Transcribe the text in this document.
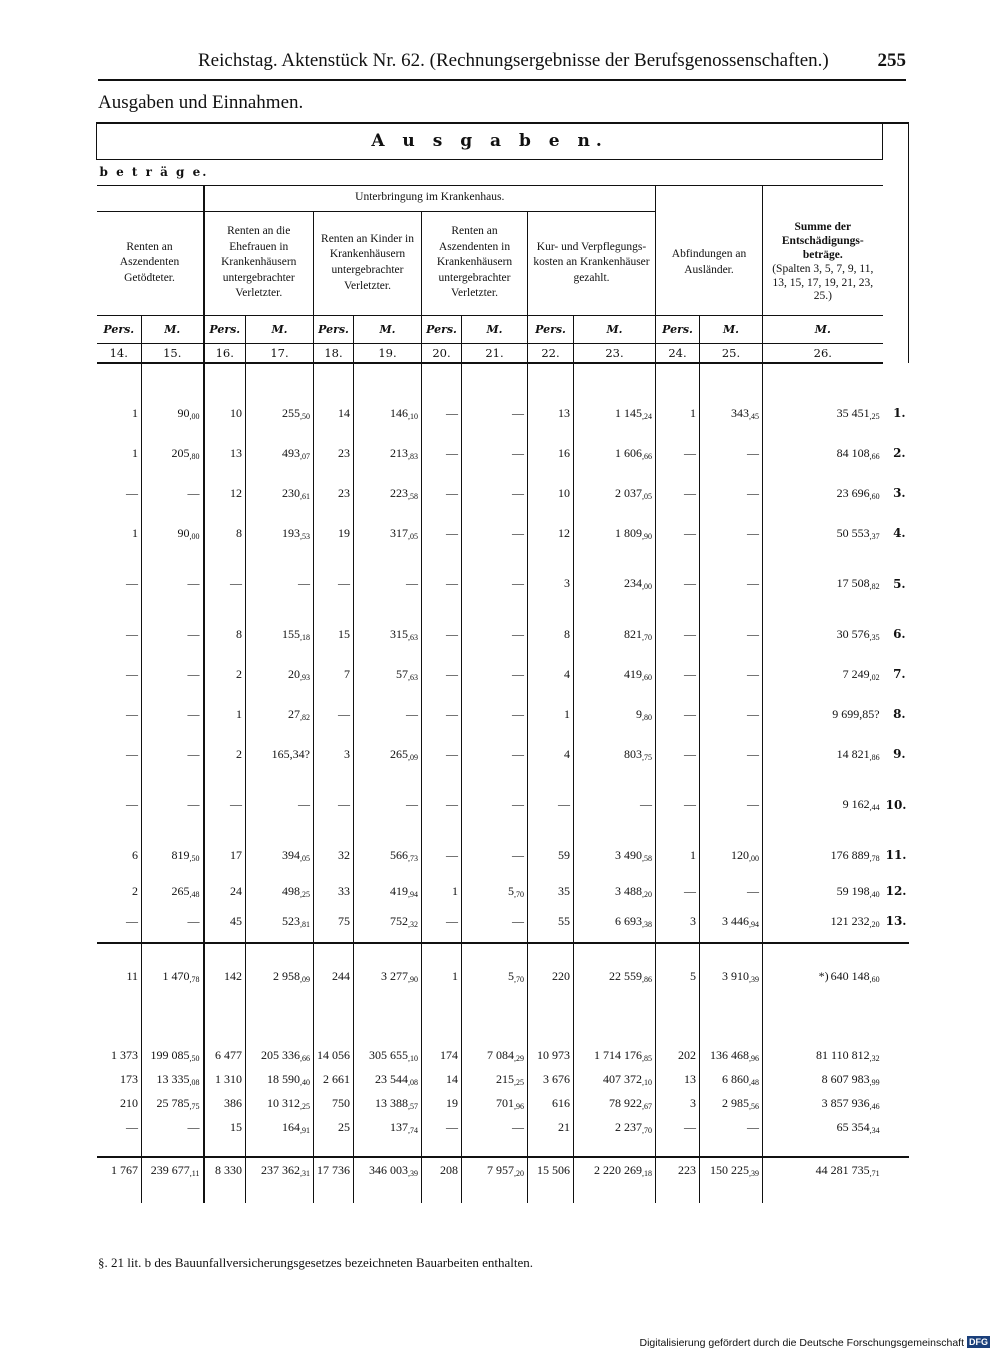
Reichstag. Aktenstück Nr. 62. (Rechnungsergebnisse der Berufsgenossenschaften.)	255
Ausgaben und Einnahmen.
A u s g a b e n.													
b e t r ä g e.													
		Unterbringung im Krankenhaus.											
Renten an Aszendenten Getödteter.		Renten an die Ehefrauen in Krankenhäusern untergebrachter Verletzter.		Renten an Kinder in Krankenhäusern untergebrachter Verletzter.		Renten an Aszendenten in Krankenhäusern untergebrachter Verletzter.		Kur- und Verpflegungs-kosten an Krankenhäuser gezahlt.		Abfindungen an Ausländer.		Summe der Entschädigungs-beträge.
(Spalten 3, 5, 7, 9, 11, 13, 15, 17, 19, 21, 23, 25.)	

Pers.	M.	Pers.	M.	Pers.	M.	Pers.	M.	Pers.	M.	Pers.	M.	M.	
14.	15.	16.	17.	18.	19.	20.	21.	22.	23.	24.	25.	26.	

1	$90_{,00}$	10	$255_{,50}$	14	$146_{,10}$	—	—	13	1 $145_{,24}$	1	$343_{,45}$	35 $451_{,25}$	1.
1	$205_{,80}$	13	$493_{,07}$	23	$213_{,83}$	—	—	16	1 $606_{,66}$	—	—	84 $108_{,66}$	2.
—	—	12	$230_{,61}$	23	$223_{,58}$	—	—	10	2 $037_{,05}$	—	—	23 $696_{,60}$	3.
1	$90_{,00}$	8	$193_{,53}$	19	$317_{,05}$	—	—	12	1 $809_{,90}$	—	—	50 $553_{,37}$	4.
—	—	—	—	—	—	—	—	3	$234_{,00}$	—	—	17 $508_{,82}$	5.
—	—	8	$155_{,18}$	15	$315_{,63}$	—	—	8	$821_{,70}$	—	—	30 $576_{,35}$	6.
—	—	2	$20_{,93}$	7	$57_{,63}$	—	—	4	$419_{,60}$	—	—	7 $249_{,02}$	7.
—	—	1	$27_{,82}$	—	—	—	—	1	$9_{,80}$	—	—	9 699,85?	8.
—	—	2	165,34?	3	$265_{,09}$	—	—	4	$803_{,75}$	—	—	14 $821_{,86}$	9.
—	—	—	—	—	—	—	—	—	—	—	—	9 $162_{,44}$	10.
6	$819_{,50}$	17	$394_{,05}$	32	$566_{,73}$	—	—	59	3 $490_{,58}$	1	$120_{,00}$	176 $889_{,78}$	11.
2	$265_{,48}$	24	$498_{,25}$	33	$419_{,94}$	1	$5_{,70}$	35	3 $488_{,20}$	—	—	59 $198_{,40}$	12.
—	—	45	$523_{,81}$	75	$752_{,32}$	—	—	55	6 $693_{,38}$	3	3 $446_{,94}$	121 $232_{,20}$	13.

11	1 $470_{,78}$	142	2 $958_{,09}$	244	3 $277_{,90}$	1	$5_{,70}$	220	22 $559_{,86}$	5	3 $910_{,39}$	*) 640 $148_{,60}$	

1 373	199 $085_{,50}$	6 477	205 $336_{,66}$	14 056	305 $655_{,10}$	174	7 $084_{,29}$	10 973	1 714 $176_{,85}$	202	136 $468_{,96}$	81 110 $812_{,32}$	
173	13 $335_{,08}$	1 310	18 $590_{,40}$	2 661	23 $544_{,08}$	14	$215_{,25}$	3 676	407 $372_{,10}$	13	6 $860_{,48}$	8 607 $983_{,99}$	
210	25 $785_{,75}$	386	10 $312_{,25}$	750	13 $388_{,57}$	19	$701_{,96}$	616	78 $922_{,67}$	3	2 $985_{,56}$	3 857 $936_{,46}$	
—	—	15	$164_{,91}$	25	$137_{,74}$	—	—	21	2 $237_{,70}$	—	—	65 $354_{,34}$	

1 767	239 $677_{,11}$	8 330	237 $362_{,31}$	17 736	346 $003_{,39}$	208	7 $957_{,20}$	15 506	2 220 $269_{,18}$	223	150 $225_{,39}$	44 281 $735_{,71}$	

§. 21 lit. b des Bauunfallversicherungsgesetzes bezeichneten Bauarbeiten enthalten.
Digitalisierung gefördert durch die Deutsche Forschungsgemeinschaft DFG
